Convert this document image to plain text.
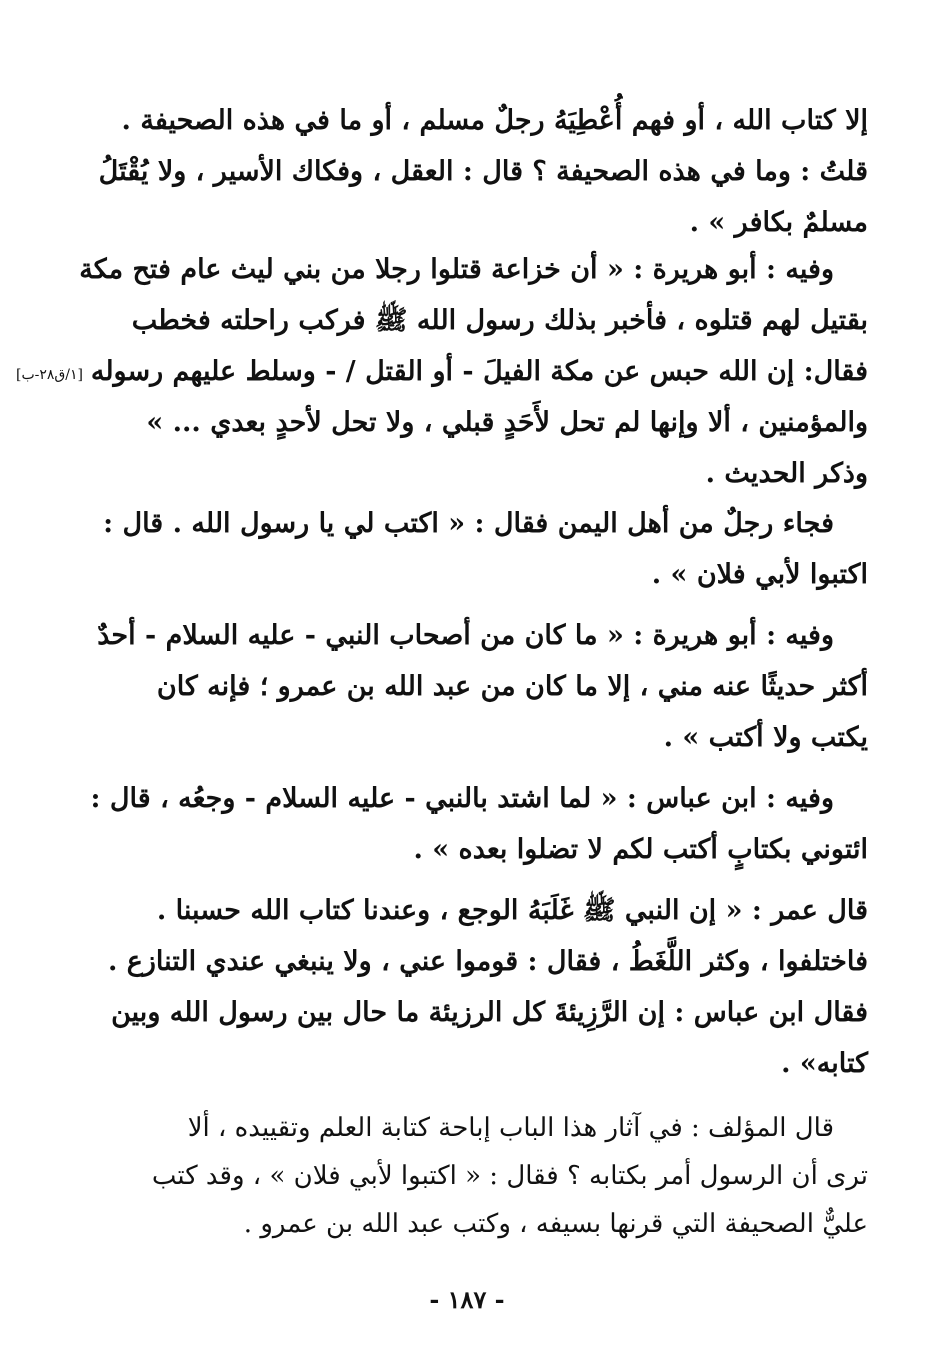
إلا كتاب الله ، أو فهم أُعْطِيَهُ رجلٌ مسلم ، أو ما في هذه الصحيفة .
قلتُ : وما في هذه الصحيفة ؟ قال : العقل ، وفكاك الأسير ، ولا يُقْتَلُ
مسلمٌ بكافر » .
وفيه : أبو هريرة : « أن خزاعة قتلوا رجلا من بني ليث عام فتح مكة
بقتيل لهم قتلوه ، فأخبر بذلك رسول الله ﷺ فركب راحلته فخطب
فقال: إن الله حبس عن مكة الفيلَ - أو القتل / - وسلط عليهم رسوله
والمؤمنين ، ألا وإنها لم تحل لأَحَدٍ قبلي ، ولا تحل لأحدٍ بعدي ... »
وذكر الحديث .
[١/ق٢٨-ب]
فجاء رجلٌ من أهل اليمن فقال : « اكتب لي يا رسول الله . قال :
اكتبوا لأبي فلان » .
وفيه : أبو هريرة : « ما كان من أصحاب النبي - عليه السلام - أحدٌ
أكثر حديثًا عنه مني ، إلا ما كان من عبد الله بن عمرو ؛ فإنه كان
يكتب ولا أكتب » .
وفيه : ابن عباس : « لما اشتد بالنبي - عليه السلام - وجعُه ، قال :
ائتوني بكتابٍ أكتب لكم لا تضلوا بعده » .
قال عمر : « إن النبي ﷺ غَلَبَهُ الوجع ، وعندنا كتاب الله حسبنا .
فاختلفوا ، وكثر اللَّغَطُ ، فقال : قوموا عني ، ولا ينبغي عندي التنازع .
فقال ابن عباس : إن الرَّزِيئةَ كل الرزيئة ما حال بين رسول الله وبين
كتابه» .
قال المؤلف : في آثار هذا الباب إباحة كتابة العلم وتقييده ، ألا
ترى أن الرسول أمر بكتابه ؟ فقال : « اكتبوا لأبي فلان » ، وقد كتب
عليٌّ الصحيفة التي قرنها بسيفه ، وكتب عبد الله بن عمرو .
- ١٨٧ -
